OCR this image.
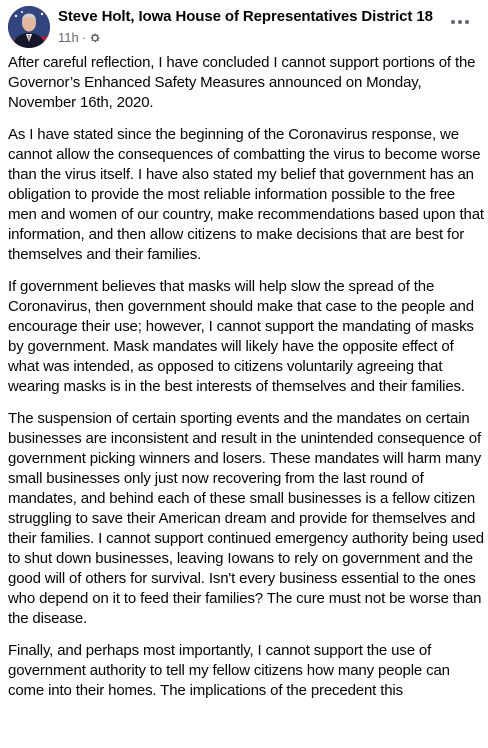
Steve Holt, Iowa House of Representatives District 18
11h ·

After careful reflection, I have concluded I cannot support portions of the Governor’s Enhanced Safety Measures announced on Monday, November 16th, 2020.

As I have stated since the beginning of the Coronavirus response, we cannot allow the consequences of combatting the virus to become worse than the virus itself. I have also stated my belief that government has an obligation to provide the most reliable information possible to the free men and women of our country, make recommendations based upon that information, and then allow citizens to make decisions that are best for themselves and their families.

If government believes that masks will help slow the spread of the Coronavirus, then government should make that case to the people and encourage their use; however, I cannot support the mandating of masks by government. Mask mandates will likely have the opposite effect of what was intended, as opposed to citizens voluntarily agreeing that wearing masks is in the best interests of themselves and their families.

The suspension of certain sporting events and the mandates on certain businesses are inconsistent and result in the unintended consequence of government picking winners and losers. These mandates will harm many small businesses only just now recovering from the last round of mandates, and behind each of these small businesses is a fellow citizen struggling to save their American dream and provide for themselves and their families. I cannot support continued emergency authority being used to shut down businesses, leaving Iowans to rely on government and the good will of others for survival. Isn't every business essential to the ones who depend on it to feed their families? The cure must not be worse than the disease.

Finally, and perhaps most importantly, I cannot support the use of government authority to tell my fellow citizens how many people can come into their homes. The implications of the precedent this
